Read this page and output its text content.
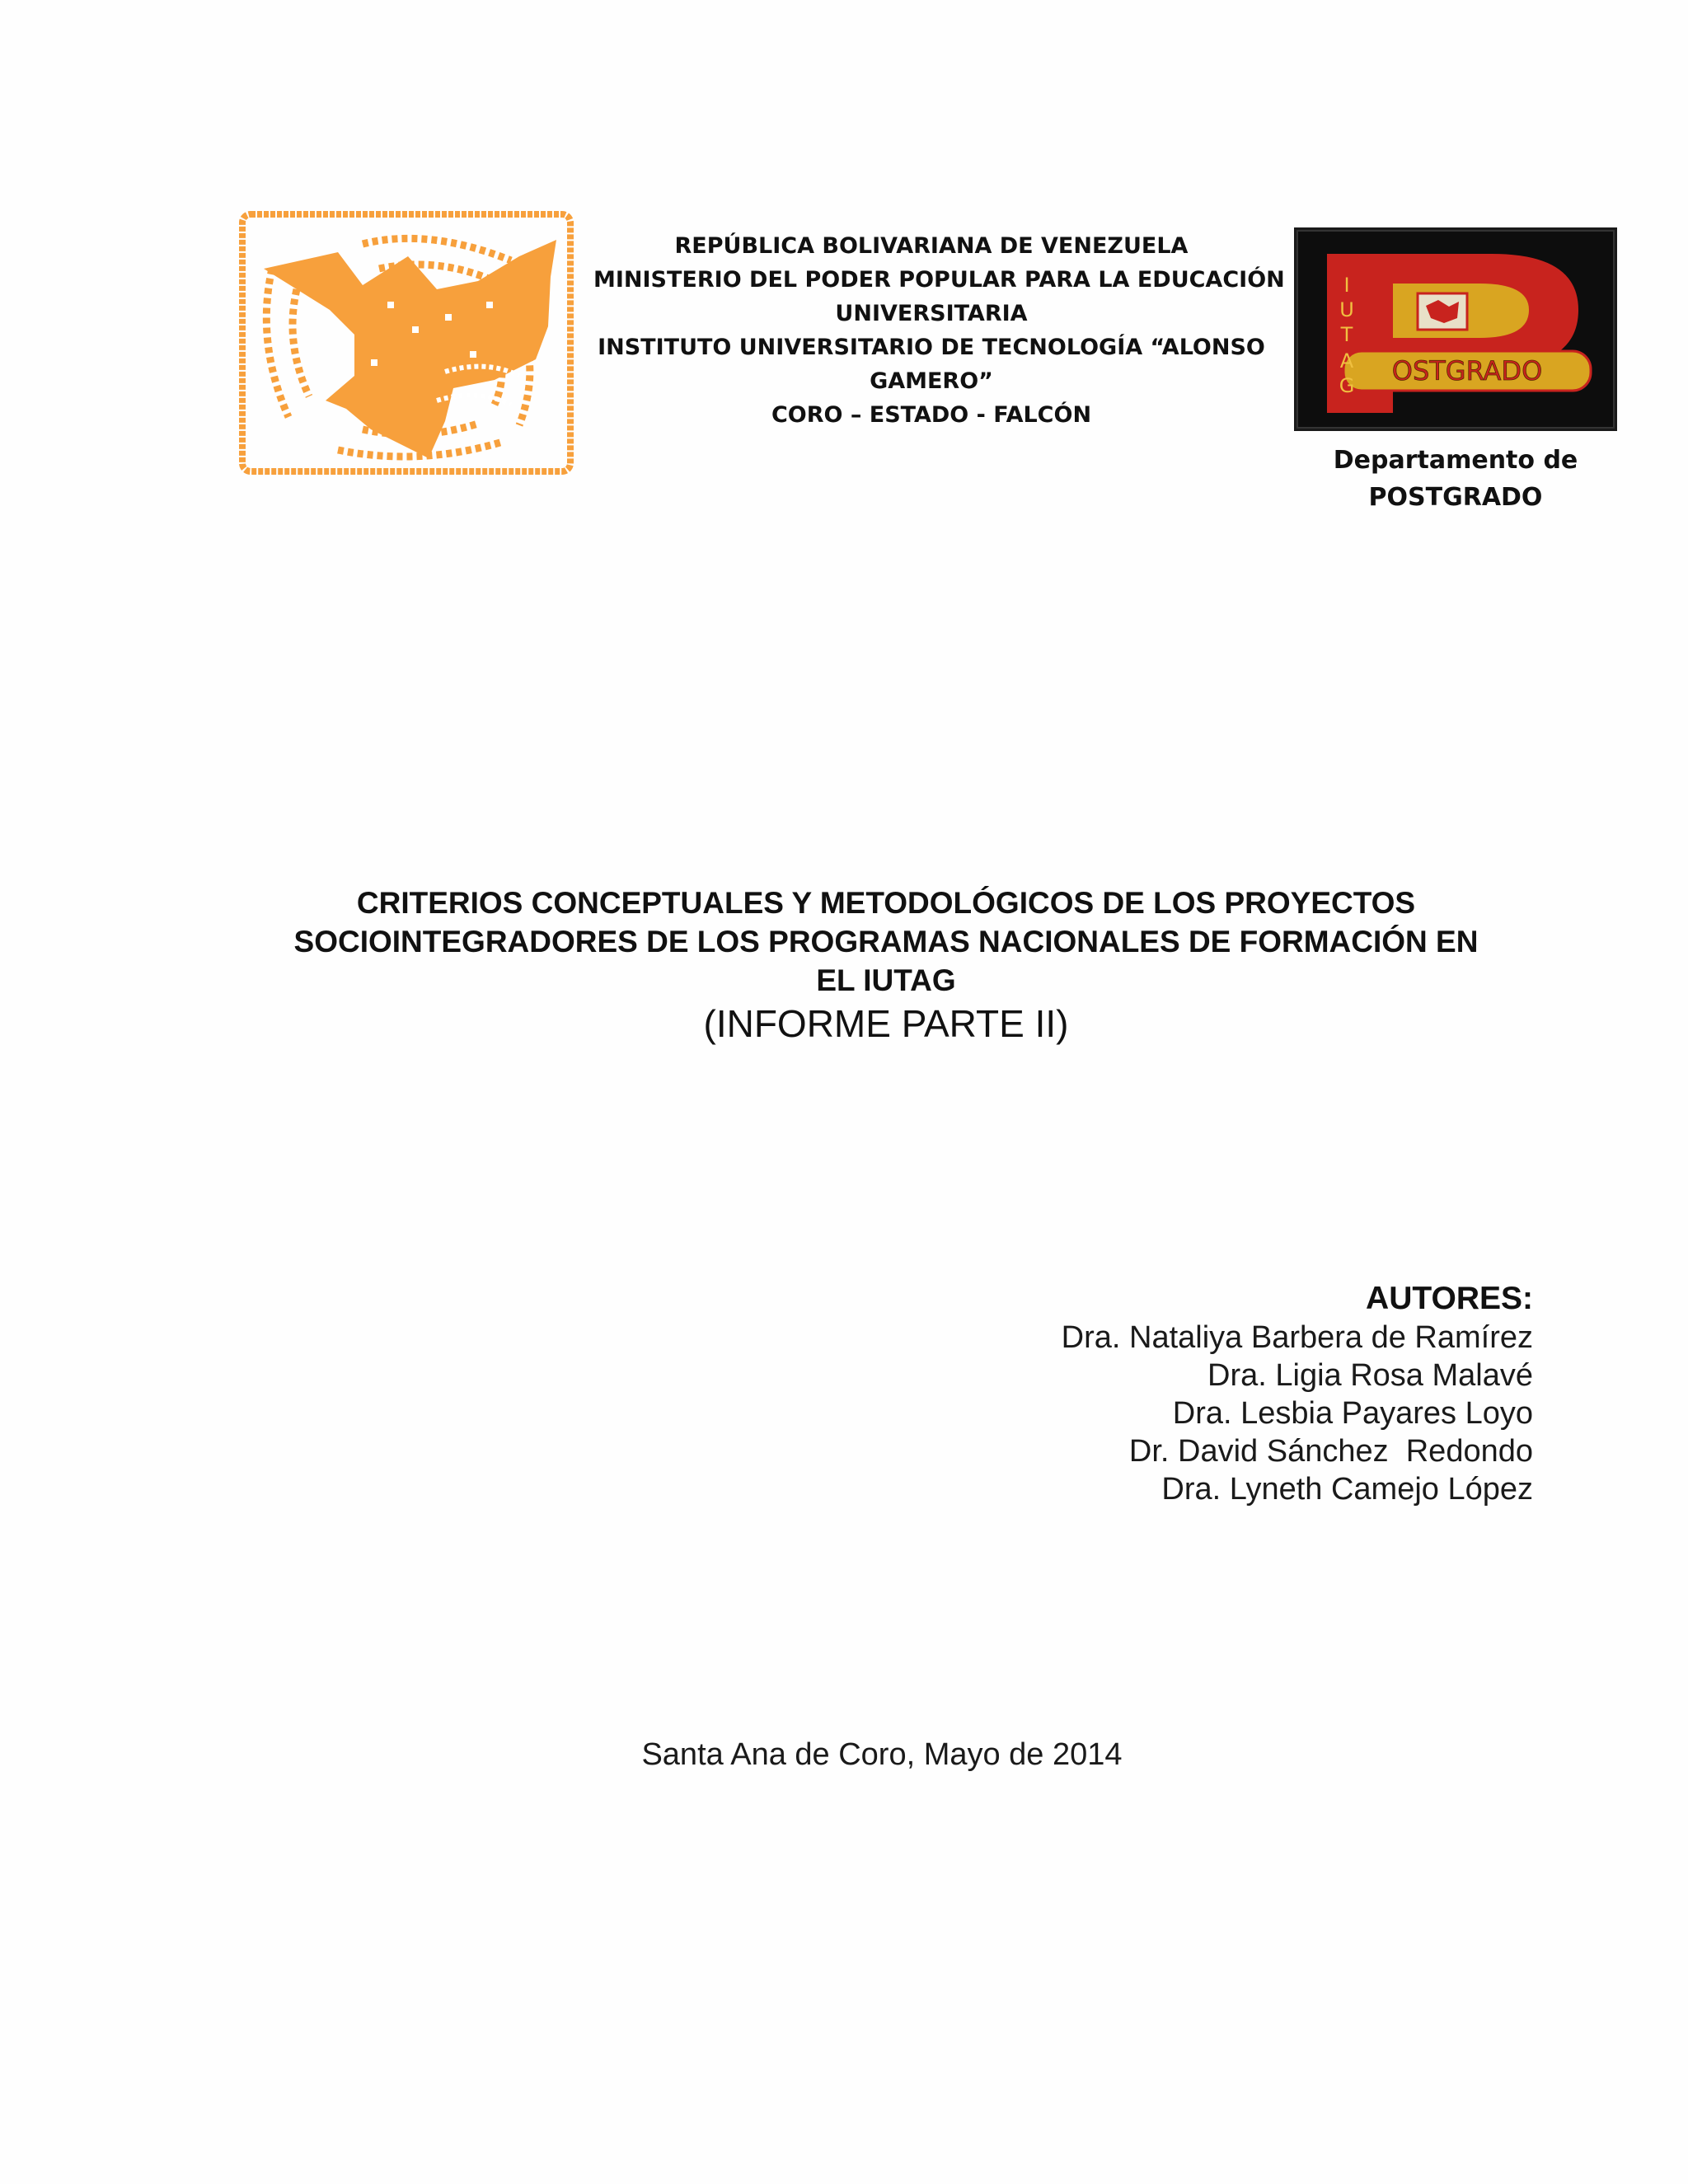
REPÚBLICA BOLIVARIANA DE VENEZUELA
MINISTERIO DEL PODER POPULAR PARA LA EDUCACIÓN
UNIVERSITARIA
INSTITUTO UNIVERSITARIO DE TECNOLOGÍA “ALONSO
GAMERO”
CORO – ESTADO - FALCÓN
OSTGRADO
I
U
T
A
G
Departamento de
POSTGRADO
CRITERIOS CONCEPTUALES Y METODOLÓGICOS DE LOS PROYECTOS
SOCIOINTEGRADORES DE LOS PROGRAMAS NACIONALES DE FORMACIÓN EN
EL IUTAG
(INFORME PARTE II)
AUTORES:
Dra. Nataliya Barbera de Ramírez
Dra. Ligia Rosa Malavé
Dra. Lesbia Payares Loyo
Dr. David Sánchez  Redondo
Dra. Lyneth Camejo López
Santa Ana de Coro, Mayo de 2014
